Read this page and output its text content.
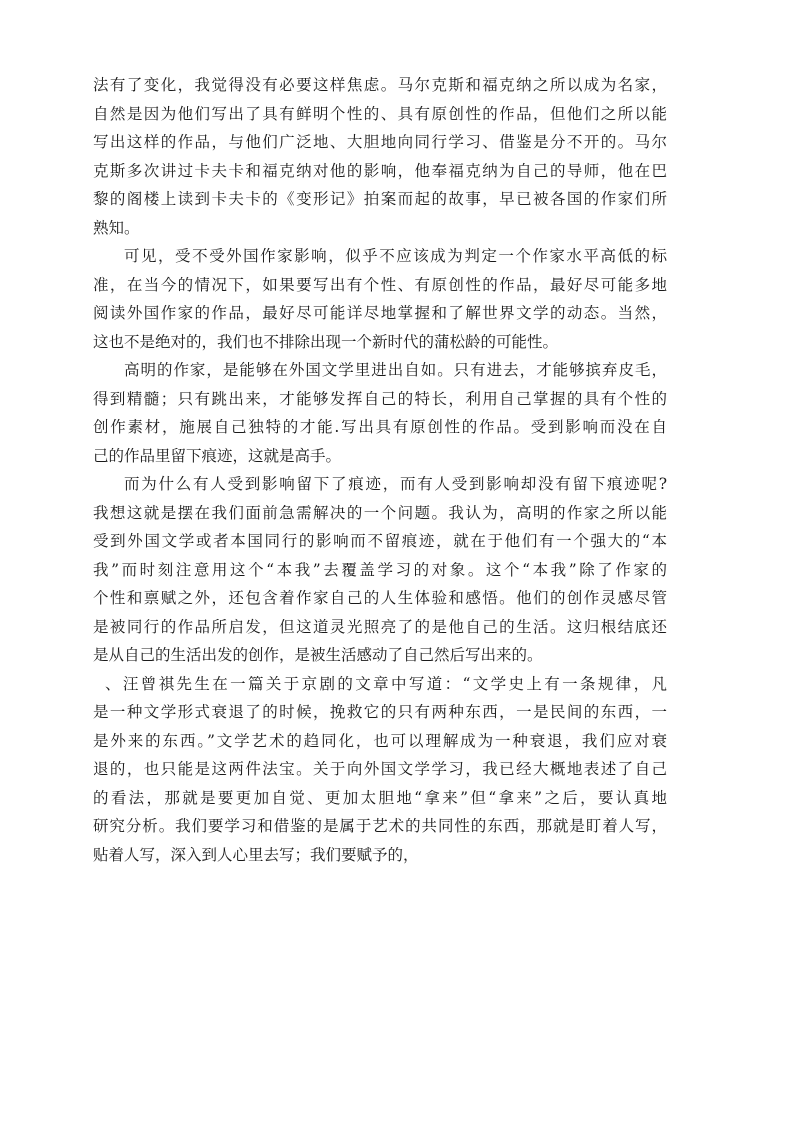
法有了变化，我觉得没有必要这样焦虑。马尔克斯和福克纳之所以成为名家，
自然是因为他们写出了具有鲜明个性的、具有原创性的作品，但他们之所以能
写出这样的作品，与他们广泛地、大胆地向同行学习、借鉴是分不开的。马尔
克斯多次讲过卡夫卡和福克纳对他的影响，他奉福克纳为自己的导师，他在巴
黎的阁楼上读到卡夫卡的《变形记》拍案而起的故事，早已被各国的作家们所
熟知。
可见，受不受外国作家影响，似乎不应该成为判定一个作家水平高低的标
准，在当今的情况下，如果要写出有个性、有原创性的作品，最好尽可能多地
阅读外国作家的作品，最好尽可能详尽地掌握和了解世界文学的动态。当然，
这也不是绝对的，我们也不排除出现一个新时代的蒲松龄的可能性。
高明的作家，是能够在外国文学里进出自如。只有进去，才能够摈弃皮毛，
得到精髓；只有跳出来，才能够发挥自己的特长，利用自己掌握的具有个性的
创作素材，施展自己独特的才能.写出具有原创性的作品。受到影响而没在自
己的作品里留下痕迹，这就是高手。
而为什么有人受到影响留下了痕迹，而有人受到影响却没有留下痕迹呢?
我想这就是摆在我们面前急需解决的一个问题。我认为，高明的作家之所以能
受到外国文学或者本国同行的影响而不留痕迹，就在于他们有一个强大的“本
我”而时刻注意用这个“本我”去覆盖学习的对象。这个“本我”除了作家的
个性和禀赋之外，还包含着作家自己的人生体验和感悟。他们的创作灵感尽管
是被同行的作品所启发，但这道灵光照亮了的是他自己的生活。这归根结底还
是从自己的生活出发的创作，是被生活感动了自己然后写出来的。
、汪曾祺先生在一篇关于京剧的文章中写道：“文学史上有一条规律，凡
是一种文学形式衰退了的时候，挽救它的只有两种东西，一是民间的东西，一
是外来的东西。”文学艺术的趋同化，也可以理解成为一种衰退，我们应对衰
退的，也只能是这两件法宝。关于向外国文学学习，我已经大概地表述了自己
的看法，那就是要更加自觉、更加太胆地“拿来”但“拿来”之后，要认真地
研究分析。我们要学习和借鉴的是属于艺术的共同性的东西，那就是盯着人写，
贴着人写，深入到人心里去写；我们要赋予的，
